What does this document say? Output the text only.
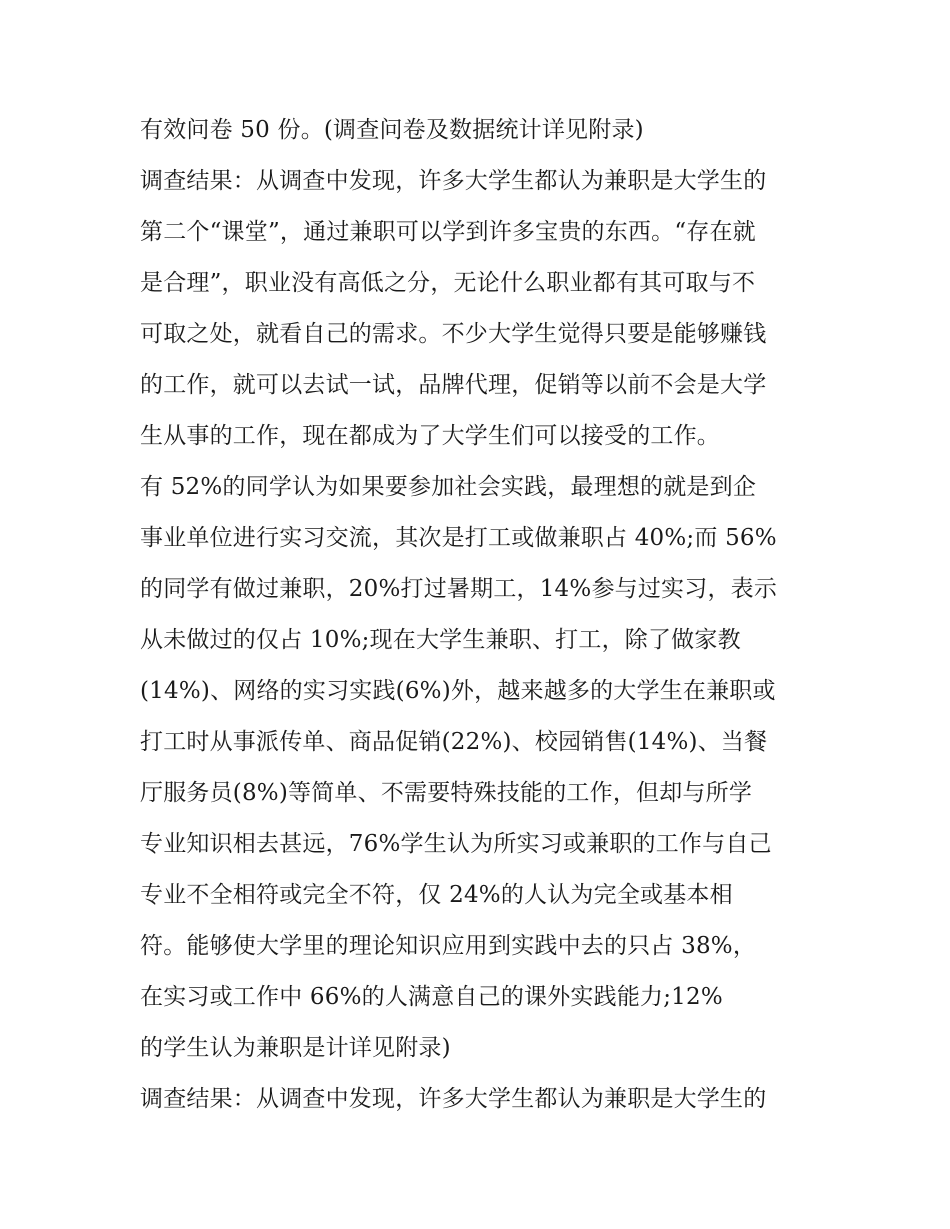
有效问卷 50 份。(调查问卷及数据统计详见附录)
调查结果：从调查中发现，许多大学生都认为兼职是大学生的
第二个“课堂”，通过兼职可以学到许多宝贵的东西。“存在就
是合理”，职业没有高低之分，无论什么职业都有其可取与不
可取之处，就看自己的需求。不少大学生觉得只要是能够赚钱
的工作，就可以去试一试，品牌代理，促销等以前不会是大学
生从事的工作，现在都成为了大学生们可以接受的工作。
有 52%的同学认为如果要参加社会实践，最理想的就是到企
事业单位进行实习交流，其次是打工或做兼职占 40%;而 56%
的同学有做过兼职，20%打过暑期工，14%参与过实习，表示
从未做过的仅占 10%;现在大学生兼职、打工，除了做家教
(14%)、网络的实习实践(6%)外，越来越多的大学生在兼职或
打工时从事派传单、商品促销(22%)、校园销售(14%)、当餐
厅服务员(8%)等简单、不需要特殊技能的工作，但却与所学
专业知识相去甚远，76%学生认为所实习或兼职的工作与自己
专业不全相符或完全不符，仅 24%的人认为完全或基本相
符。能够使大学里的理论知识应用到实践中去的只占 38%，
在实习或工作中 66%的人满意自己的课外实践能力;12%
的学生认为兼职是计详见附录)
调查结果：从调查中发现，许多大学生都认为兼职是大学生的
